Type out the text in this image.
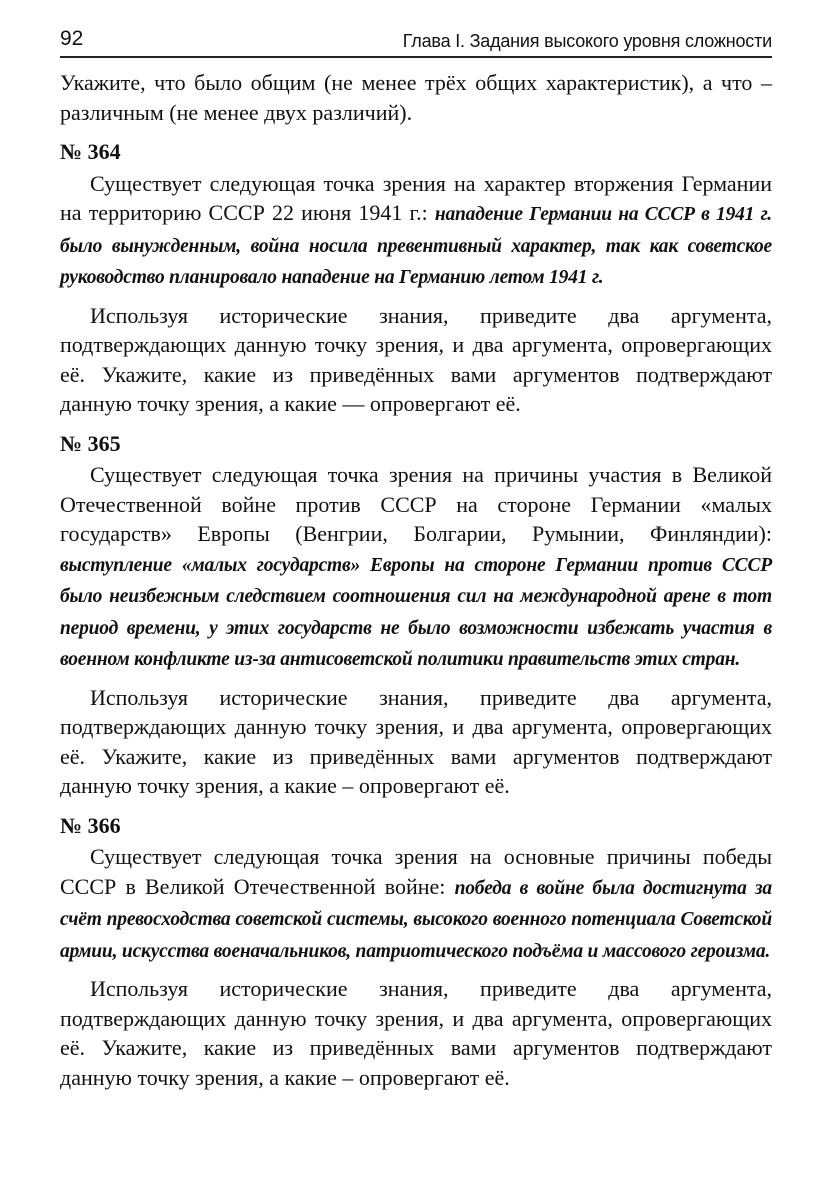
92	Глава I. Задания высокого уровня сложности

Укажите, что было общим (не менее трёх общих характеристик), а что – различным (не менее двух различий).

№ 364

Существует следующая точка зрения на характер вторжения Германии на территорию СССР 22 июня 1941 г.: нападение Германии на СССР в 1941 г. было вынужденным, война носила превентивный характер, так как советское руководство планировало нападение на Германию летом 1941 г.

Используя исторические знания, приведите два аргумента, подтверждающих данную точку зрения, и два аргумента, опровергающих её. Укажите, какие из приведённых вами аргументов подтверждают данную точку зрения, а какие — опровергают её.

№ 365

Существует следующая точка зрения на причины участия в Великой Отечественной войне против СССР на стороне Германии «малых государств» Европы (Венгрии, Болгарии, Румынии, Финляндии): выступление «малых государств» Европы на стороне Германии против СССР было неизбежным следствием соотношения сил на международной арене в тот период времени, у этих государств не было возможности избежать участия в военном конфликте из-за антисоветской политики правительств этих стран.

Используя исторические знания, приведите два аргумента, подтверждающих данную точку зрения, и два аргумента, опровергающих её. Укажите, какие из приведённых вами аргументов подтверждают данную точку зрения, а какие – опровергают её.

№ 366

Существует следующая точка зрения на основные причины победы СССР в Великой Отечественной войне: победа в войне была достигнута за счёт превосходства советской системы, высокого военного потенциала Советской армии, искусства военачальников, патриотического подъёма и массового героизма.

Используя исторические знания, приведите два аргумента, подтверждающих данную точку зрения, и два аргумента, опровергающих её. Укажите, какие из приведённых вами аргументов подтверждают данную точку зрения, а какие – опровергают её.
